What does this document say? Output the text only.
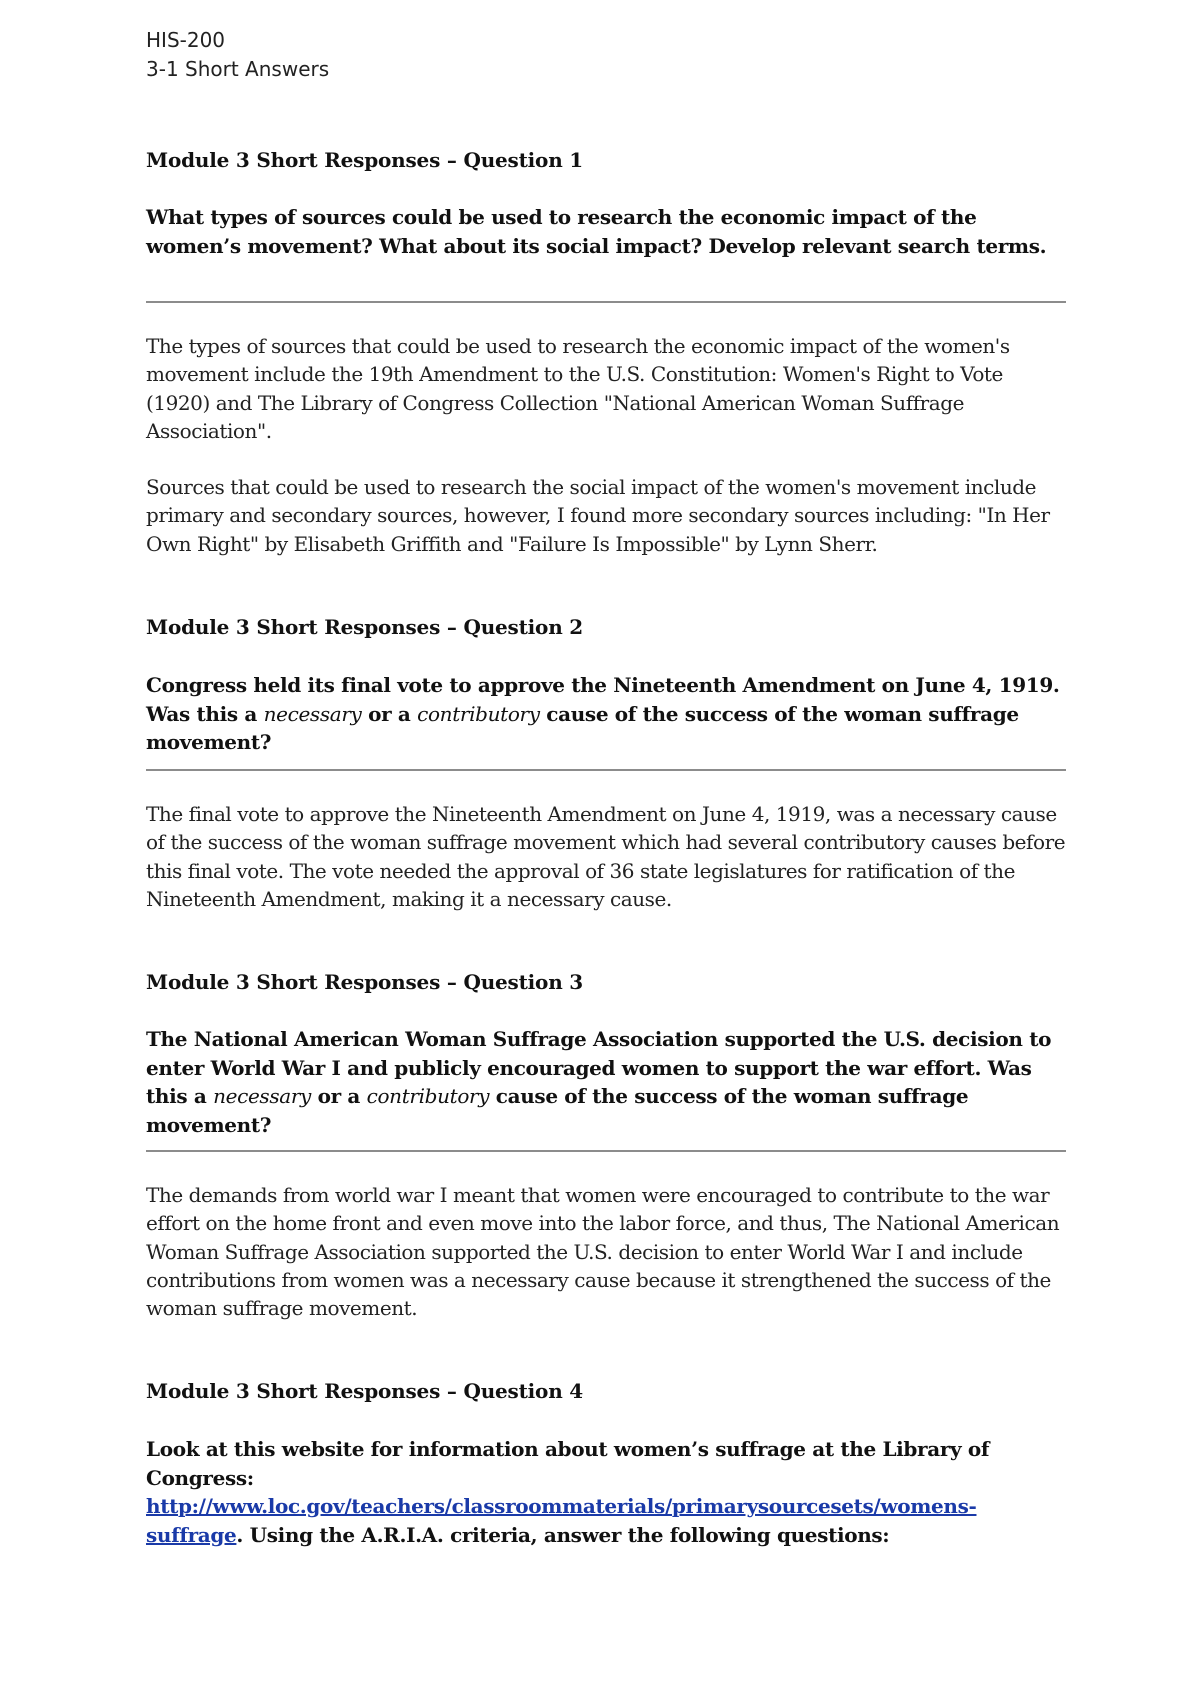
HIS-200
3-1 Short Answers
Module 3 Short Responses – Question 1
What types of sources could be used to research the economic impact of the women’s movement? What about its social impact? Develop relevant search terms.

The types of sources that could be used to research the economic impact of the women's movement include the 19th Amendment to the U.S. Constitution: Women's Right to Vote (1920) and The Library of Congress Collection "National American Woman Suffrage Association".

Sources that could be used to research the social impact of the women's movement include primary and secondary sources, however, I found more secondary sources including: "In Her Own Right" by Elisabeth Griffith and "Failure Is Impossible" by Lynn Sherr.

Module 3 Short Responses – Question 2
Congress held its final vote to approve the Nineteenth Amendment on June 4, 1919. Was this a necessary or a contributory cause of the success of the woman suffrage movement?

The final vote to approve the Nineteenth Amendment on June 4, 1919, was a necessary cause of the success of the woman suffrage movement which had several contributory causes before this final vote. The vote needed the approval of 36 state legislatures for ratification of the Nineteenth Amendment, making it a necessary cause.

Module 3 Short Responses – Question 3
The National American Woman Suffrage Association supported the U.S. decision to enter World War I and publicly encouraged women to support the war effort. Was this a necessary or a contributory cause of the success of the woman suffrage movement?

The demands from world war I meant that women were encouraged to contribute to the war effort on the home front and even move into the labor force, and thus, The National American Woman Suffrage Association supported the U.S. decision to enter World War I and include contributions from women was a necessary cause because it strengthened the success of the woman suffrage movement.

Module 3 Short Responses – Question 4
Look at this website for information about women’s suffrage at the Library of Congress: http://www.loc.gov/teachers/classroommaterials/primarysourcesets/womens-suffrage. Using the A.R.I.A. criteria, answer the following questions:
